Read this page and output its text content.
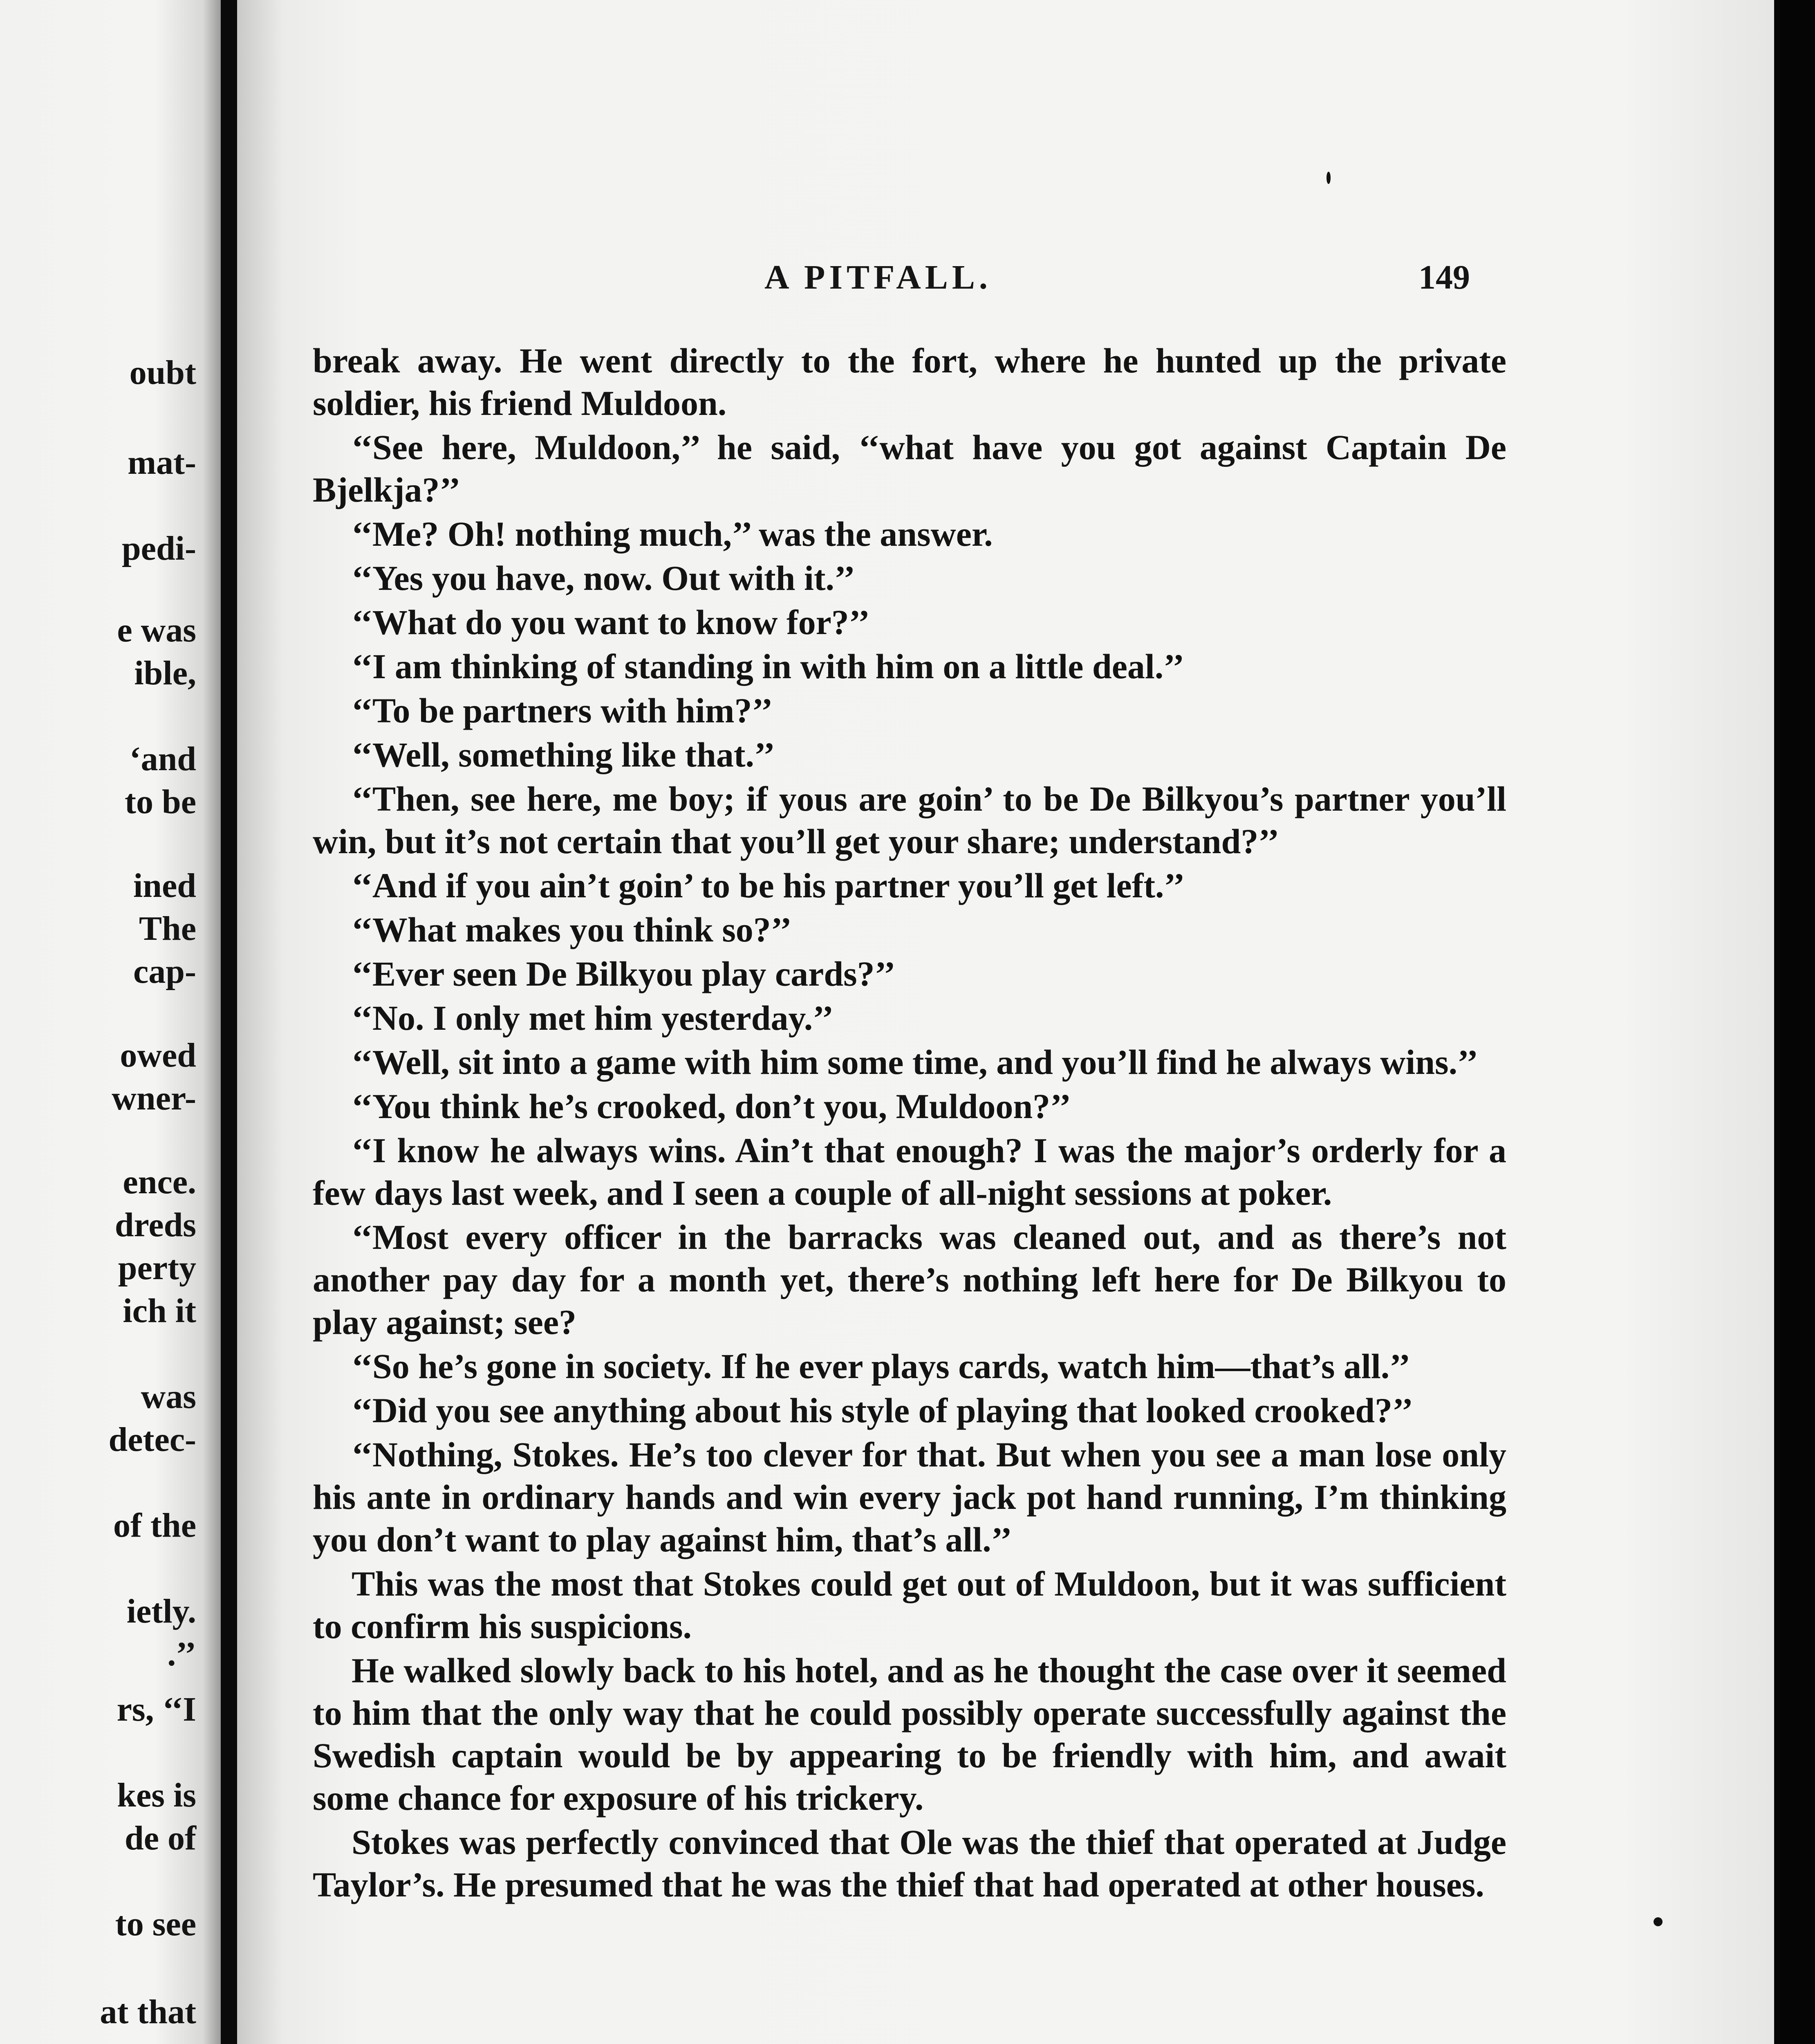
oubt
mat-
pedi-
e was
ible,
‘and
to be
ined
The
cap-
owed
wner-
ence.
dreds
perty
ich it
was
detec-
of the
ietly.
.’’
rs, ‘‘I
kes is
de of
to see
at that
A PITFALL.	149

break away. He went directly to the fort, where he hunted up the private soldier, his friend Muldoon.

‘‘See here, Muldoon,’’ he said, ‘‘what have you got against Captain De Bjelkja?’’

‘‘Me? Oh! nothing much,’’ was the answer.

‘‘Yes you have, now. Out with it.’’

‘‘What do you want to know for?’’

‘‘I am thinking of standing in with him on a little deal.’’

‘‘To be partners with him?’’

‘‘Well, something like that.’’

‘‘Then, see here, me boy; if yous are goin’ to be De Bilkyou’s partner you’ll win, but it’s not certain that you’ll get your share; understand?’’

‘‘And if you ain’t goin’ to be his partner you’ll get left.’’

‘‘What makes you think so?’’

‘‘Ever seen De Bilkyou play cards?’’

‘‘No. I only met him yesterday.’’

‘‘Well, sit into a game with him some time, and you’ll find he always wins.’’

‘‘You think he’s crooked, don’t you, Muldoon?’’

‘‘I know he always wins. Ain’t that enough? I was the major’s orderly for a few days last week, and I seen a couple of all-night sessions at poker.

‘‘Most every officer in the barracks was cleaned out, and as there’s not another pay day for a month yet, there’s nothing left here for De Bilkyou to play against; see?

‘‘So he’s gone in society. If he ever plays cards, watch him—that’s all.’’

‘‘Did you see anything about his style of playing that looked crooked?’’

‘‘Nothing, Stokes. He’s too clever for that. But when you see a man lose only his ante in ordinary hands and win every jack pot hand running, I’m thinking you don’t want to play against him, that’s all.’’

This was the most that Stokes could get out of Muldoon, but it was sufficient to confirm his suspicions.

He walked slowly back to his hotel, and as he thought the case over it seemed to him that the only way that he could possibly operate successfully against the Swedish captain would be by appearing to be friendly with him, and await some chance for exposure of his trickery.

Stokes was perfectly convinced that Ole was the thief that operated at Judge Taylor’s. He presumed that he was the thief that had operated at other houses.
